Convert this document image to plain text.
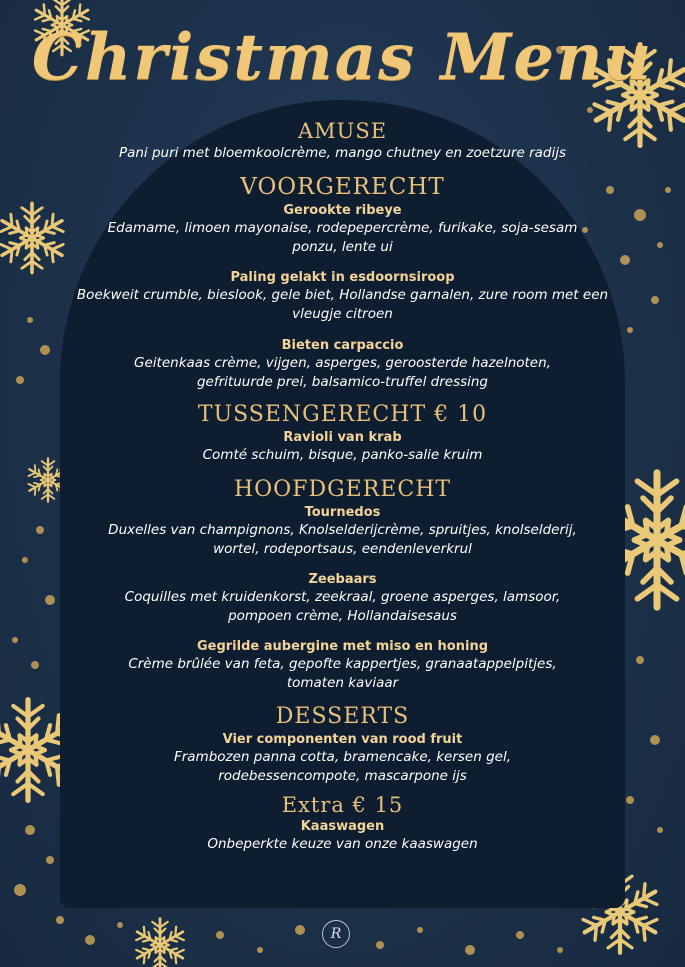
Christmas Menu
AMUSE

Pani puri met bloemkoolcrème, mango chutney en zoetzure radijs

VOORGERECHT

Gerookte ribeye

Edamame, limoen mayonaise, rodepepercrème, furikake, soja-sesam ponzu, lente ui

Paling gelakt in esdoornsiroop

Boekweit crumble, bieslook, gele biet, Hollandse garnalen, zure room met een vleugje citroen

Bieten carpaccio

Geitenkaas crème, vijgen, asperges, geroosterde hazelnoten, gefrituurde prei, balsamico-truffel dressing

TUSSENGERECHT € 10

Ravioli van krab

Comté schuim, bisque, panko-salie kruim

HOOFDGERECHT

Tournedos

Duxelles van champignons, Knolselderijcrème, spruitjes, knolselderij, wortel, rodeportsaus, eendenleverkrul

Zeebaars

Coquilles met kruidenkorst, zeekraal, groene asperges, lamsoor, pompoen crème, Hollandaisesaus

Gegrilde aubergine met miso en honing

Crème brûlée van feta, gepofte kappertjes, granaatappelpitjes, tomaten kaviaar

DESSERTS

Vier componenten van rood fruit

Frambozen panna cotta, bramencake, kersen gel, rodebessencompote, mascarpone ijs

Extra € 15

Kaaswagen

Onbeperkte keuze van onze kaaswagen

R
